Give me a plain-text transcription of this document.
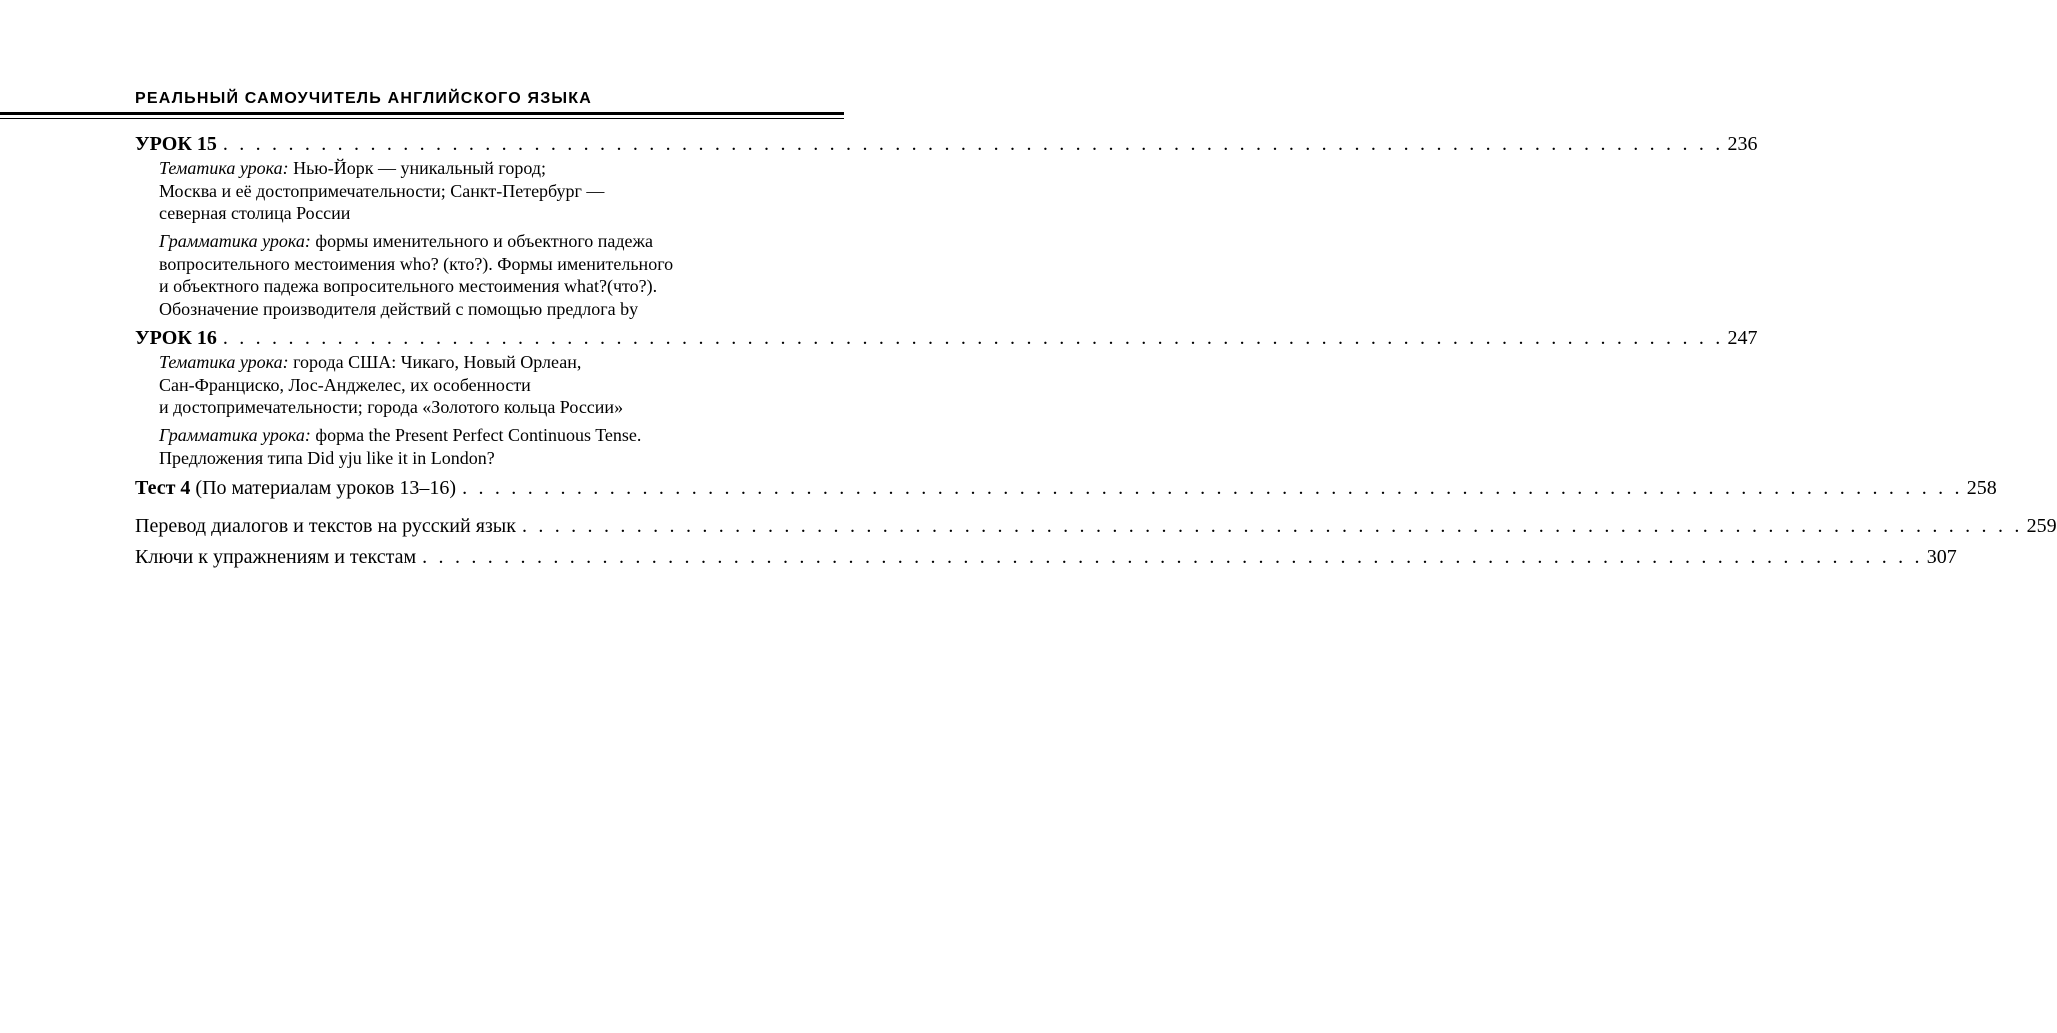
РЕАЛЬНЫЙ САМОУЧИТЕЛЬ АНГЛИЙСКОГО ЯЗЫКА
УРОК 15 . . . . . . . . . . . . . . . . . . . . . . . . . . . . . . . . . . . . . . . . . . . . . . . . . . . . . . . . . . . . . . . . . . . . . . . . . . . . . . . . . . . . . . . . . . . . 236
Тематика урока: Нью-Йорк — уникальный город;
Москва и её достопримечательности; Санкт-Петербург —
северная столица России
Грамматика урока: формы именительного и объектного падежа
вопросительного местоимения who? (кто?). Формы именительного
и объектного падежа вопросительного местоимения what?(что?).
Обозначение производителя действий с помощью предлога by
УРОК 16 . . . . . . . . . . . . . . . . . . . . . . . . . . . . . . . . . . . . . . . . . . . . . . . . . . . . . . . . . . . . . . . . . . . . . . . . . . . . . . . . . . . . . . . . . . . . 247
Тематика урока: города США: Чикаго, Новый Орлеан,
Сан-Франциско, Лос-Анджелес, их особенности
и достопримечательности; города «Золотого кольца России»
Грамматика урока: форма the Present Perfect Continuous Tense.
Предложения типа Did yju like it in London?
Тест 4 (По материалам уроков 13–16) . . . . . . . . . . . . . . . . . . . . . . . . . . . . . . . . . . . . . . . . . . . . . . . . . . . . . . . . . . . . . . . . . . . . . . . . . . . . . . . . . . . . . . . . . . . . 258
Перевод диалогов и текстов на русский язык . . . . . . . . . . . . . . . . . . . . . . . . . . . . . . . . . . . . . . . . . . . . . . . . . . . . . . . . . . . . . . . . . . . . . . . . . . . . . . . . . . . . . . . . . . . . 259
Ключи к упражнениям и текстам . . . . . . . . . . . . . . . . . . . . . . . . . . . . . . . . . . . . . . . . . . . . . . . . . . . . . . . . . . . . . . . . . . . . . . . . . . . . . . . . . . . . . . . . . . . . 307
